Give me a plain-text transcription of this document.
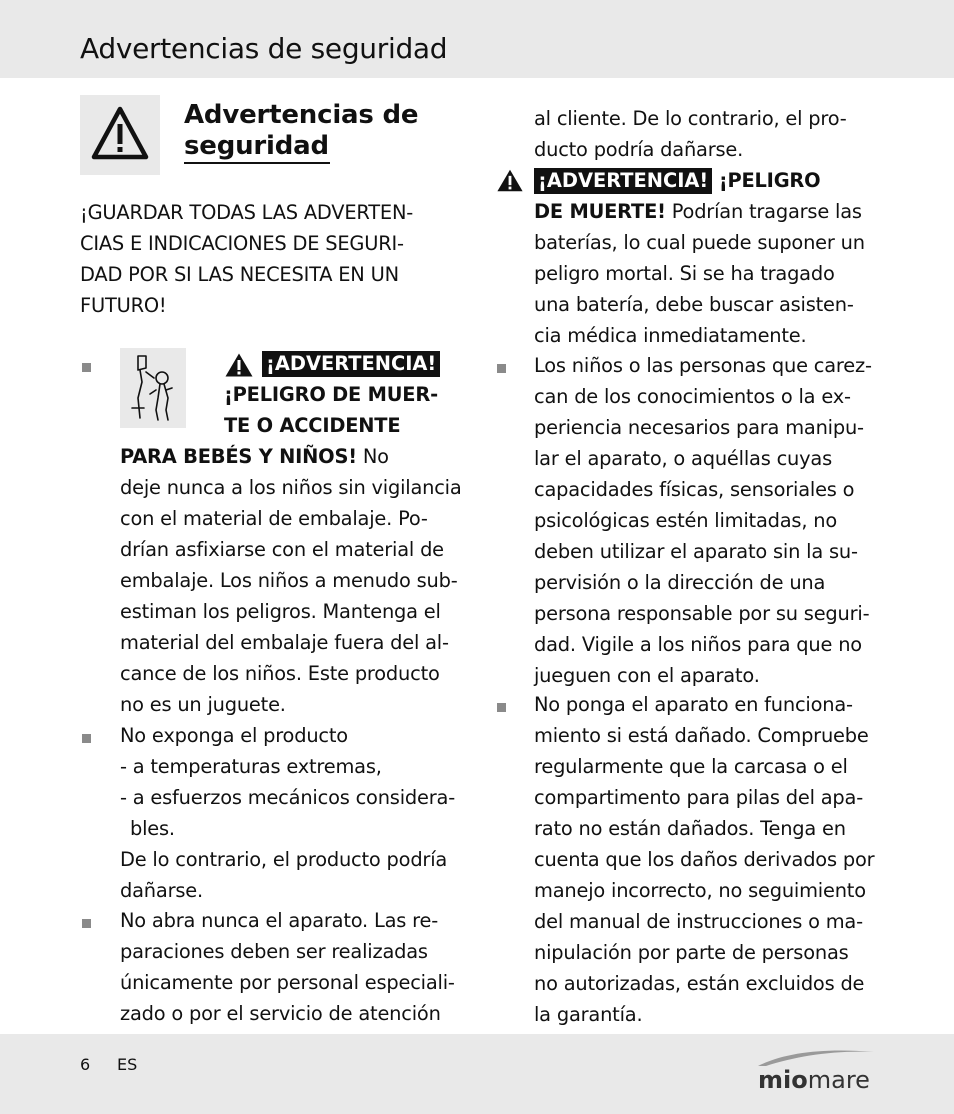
Advertencias de seguridad
Advertencias de
seguridad
¡GUARDAR TODAS LAS ADVERTEN-
CIAS E INDICACIONES DE SEGURI-
DAD POR SI LAS NECESITA EN UN
FUTURO!
¡ADVERTENCIA!
¡PELIGRO DE MUER-
TE O ACCIDENTE
PARA BEBÉS Y NIÑOS! No
deje nunca a los niños sin vigilancia
con el material de embalaje. Po-
drían asfixiarse con el material de
embalaje. Los niños a menudo sub-
estiman los peligros. Mantenga el
material del embalaje fuera del al-
cance de los niños. Este producto
no es un juguete.
No exponga el producto
- a temperaturas extremas,
- a esfuerzos mecánicos considera-
bles.
De lo contrario, el producto podría
dañarse.
No abra nunca el aparato. Las re-
paraciones deben ser realizadas
únicamente por personal especiali-
zado o por el servicio de atención
al cliente. De lo contrario, el pro-
ducto podría dañarse.
¡ADVERTENCIA! ¡PELIGRO
DE MUERTE! Podrían tragarse las
baterías, lo cual puede suponer un
peligro mortal. Si se ha tragado
una batería, debe buscar asisten-
cia médica inmediatamente.
Los niños o las personas que carez-
can de los conocimientos o la ex-
periencia necesarios para manipu-
lar el aparato, o aquéllas cuyas
capacidades físicas, sensoriales o
psicológicas estén limitadas, no
deben utilizar el aparato sin la su-
pervisión o la dirección de una
persona responsable por su seguri-
dad. Vigile a los niños para que no
jueguen con el aparato.
No ponga el aparato en funciona-
miento si está dañado. Compruebe
regularmente que la carcasa o el
compartimento para pilas del apa-
rato no están dañados. Tenga en
cuenta que los daños derivados por
manejo incorrecto, no seguimiento
del manual de instrucciones o ma-
nipulación por parte de personas
no autorizadas, están excluidos de
la garantía.
6 ES
miomare
